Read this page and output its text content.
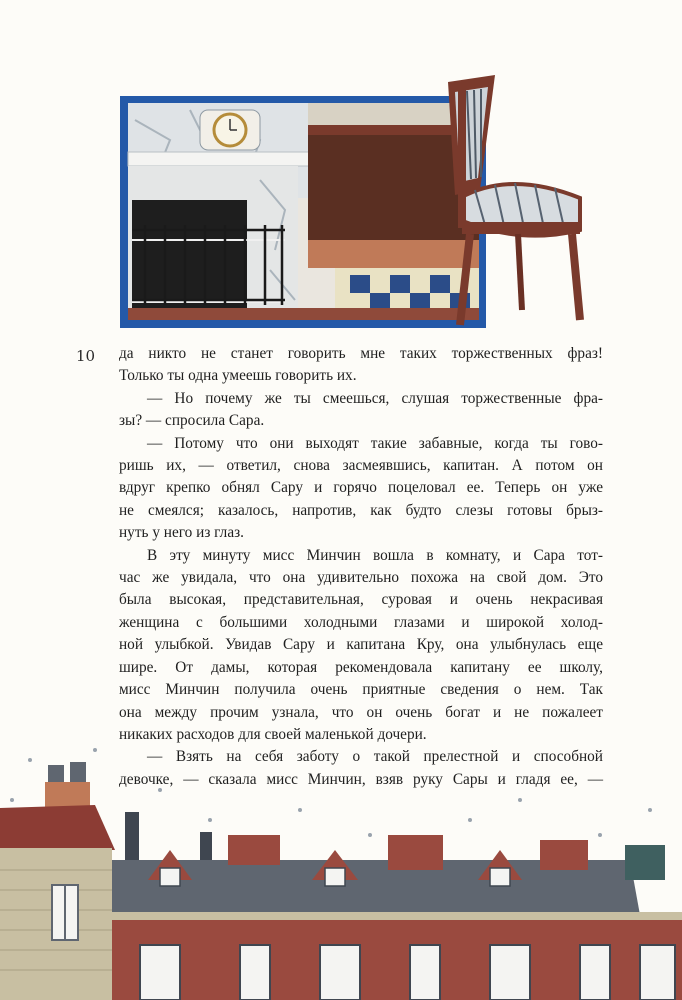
10 да никто не станет говорить мне таких торжественных фраз!

Только ты одна умеешь говорить их.

— Но почему же ты смеешься, слушая торжественные фра-

зы? — спросила Сара.

— Потому что они выходят такие забавные, когда ты гово-

ришь их, — ответил, снова засмеявшись, капитан. А потом он

вдруг крепко обнял Сару и горячо поцеловал ее. Теперь он уже

не смеялся; казалось, напротив, как будто слезы готовы брыз-

нуть у него из глаз.

В эту минуту мисс Минчин вошла в комнату, и Сара тот-

час же увидала, что она удивительно похожа на свой дом. Это

была высокая, представительная, суровая и очень некрасивая

женщина с большими холодными глазами и широкой холод-

ной улыбкой. Увидав Сару и капитана Кру, она улыбнулась еще

шире. От дамы, которая рекомендовала капитану ее школу,

мисс Минчин получила очень приятные сведения о нем. Так

она между прочим узнала, что он очень богат и не пожалеет

никаких расходов для своей маленькой дочери.

— Взять на себя заботу о такой прелестной и способной

девочке, — сказала мисс Минчин, взяв руку Сары и гладя ее, —
